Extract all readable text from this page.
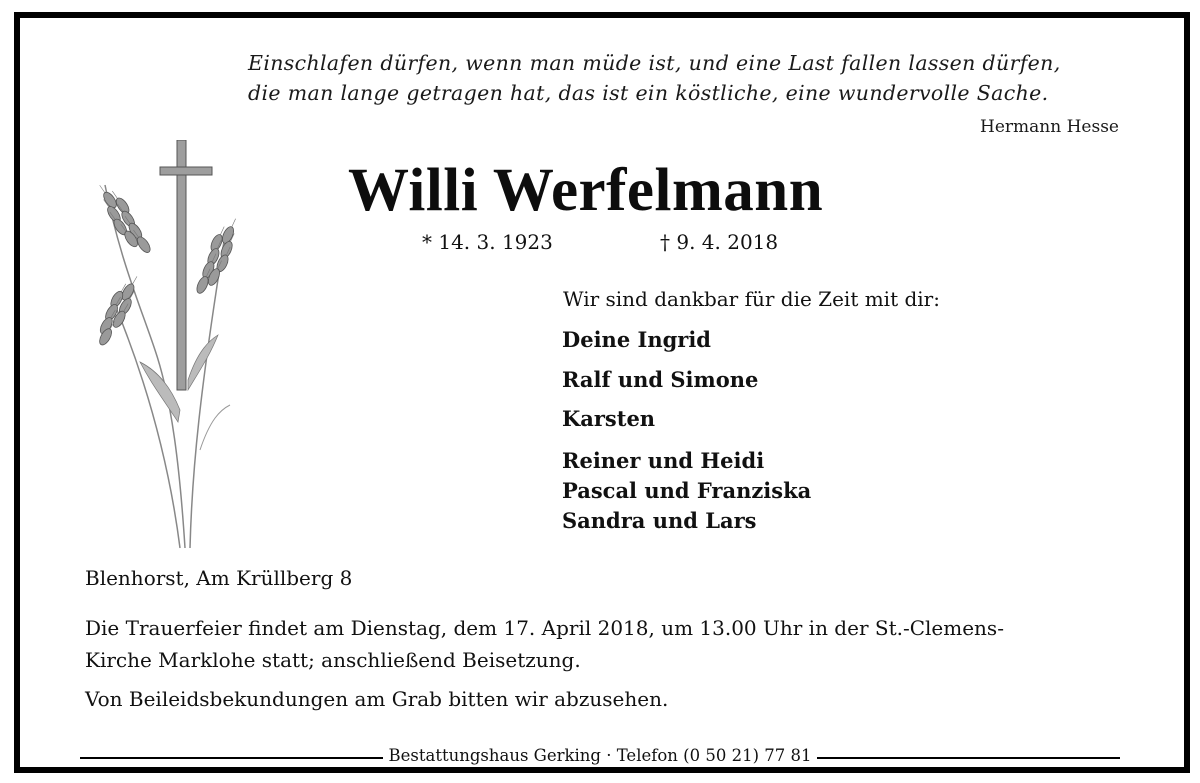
Einschlafen dürfen, wenn man müde ist, und eine Last fallen lassen dürfen,
die man lange getragen hat, das ist ein köstliche, eine wundervolle Sache.
Hermann Hesse
Willi Werfelmann
* 14. 3. 1923	† 9. 4. 2018
Wir sind dankbar für die Zeit mit dir:
Deine Ingrid
Ralf und Simone
Karsten
Reiner und Heidi
Pascal und Franziska
Sandra und Lars
Blenhorst, Am Krüllberg 8
Die Trauerfeier findet am Dienstag, dem 17. April 2018, um 13.00 Uhr in der St.-Clemens-
Kirche Marklohe statt; anschließend Beisetzung.
Von Beileidsbekundungen am Grab bitten wir abzusehen.
Bestattungshaus Gerking · Telefon (0 50 21) 77 81
